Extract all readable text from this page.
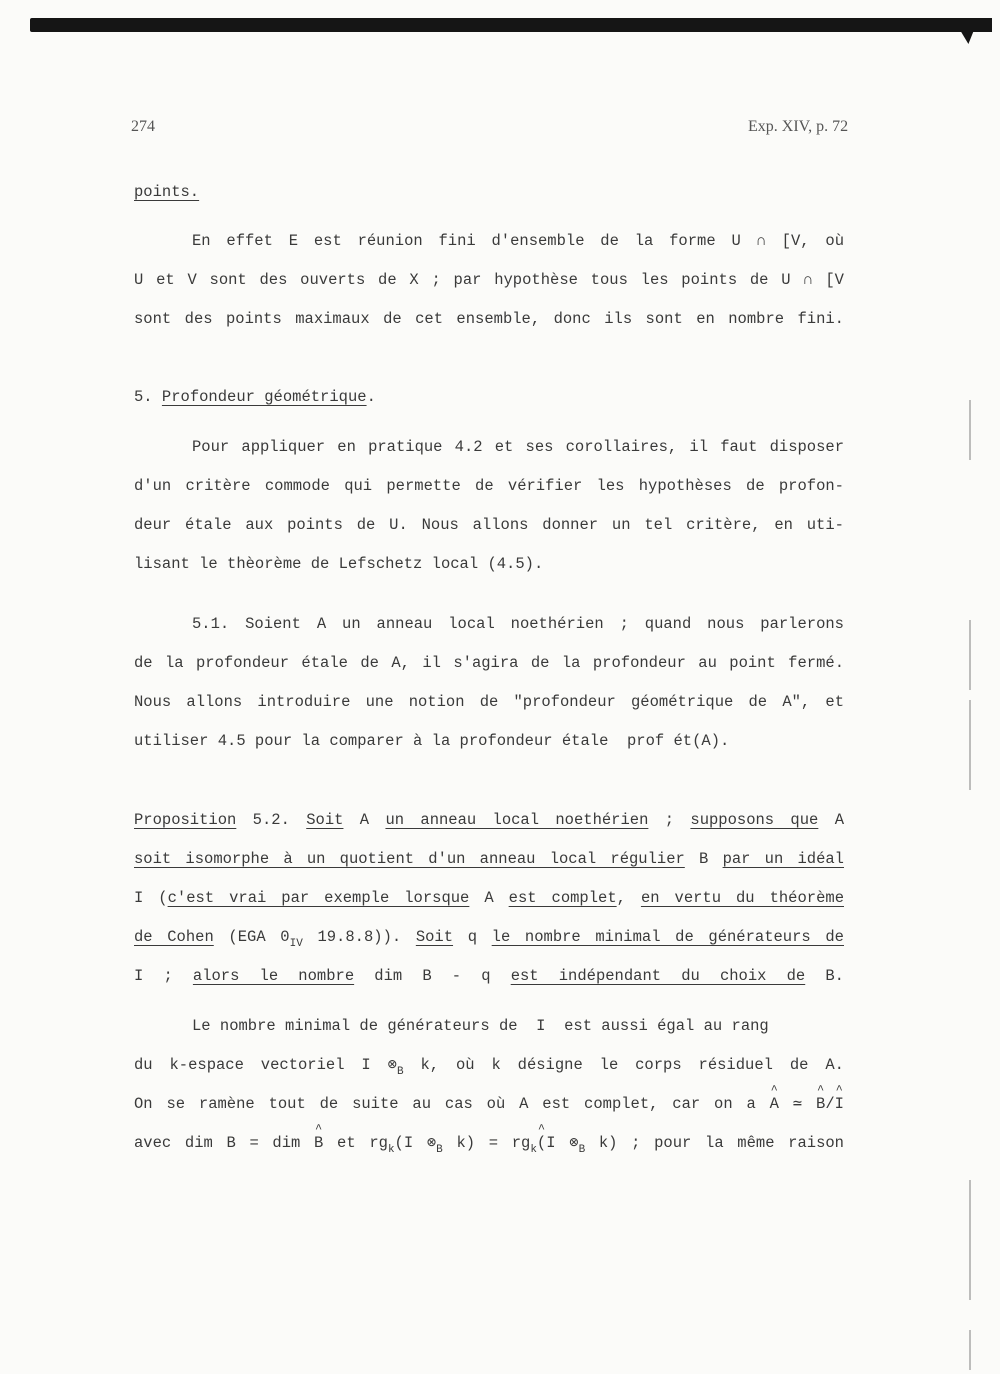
274	Exp. XIV, p. 72
points.
En effet E est réunion fini d'ensemble de la forme U ∩ [V, où
U et V sont des ouverts de X ; par hypothèse tous les points de U ∩ [V
sont des points maximaux de cet ensemble, donc ils sont en nombre fini.
5. Profondeur géométrique.
Pour appliquer en pratique 4.2 et ses corollaires, il faut disposer
d'un critère commode qui permette de vérifier les hypothèses de profon-
deur étale aux points de U. Nous allons donner un tel critère, en uti-
lisant le thèorème de Lefschetz local (4.5).
5.1. Soient A un anneau local noethérien ; quand nous parlerons
de la profondeur étale de A, il s'agira de la profondeur au point fermé.
Nous allons introduire une notion de "profondeur géométrique de A", et
utiliser 4.5 pour la comparer à la profondeur étale prof ét(A).
Proposition 5.2. Soit A un anneau local noethérien ; supposons que A
soit isomorphe à un quotient d'un anneau local régulier B par un idéal
I (c'est vrai par exemple lorsque A est complet, en vertu du théorème
de Cohen (EGA $0_{IV}$ 19.8.8)). Soit q le nombre minimal de générateurs de
I ; alors le nombre dim B - q est indépendant du choix de B.
Le nombre minimal de générateurs de I est aussi égal au rang
du k-espace vectoriel I $\otimes_B$ k, où k désigne le corps résiduel de A.
On se ramène tout de suite au cas où A est complet, car on a ^ A ≃ ^ B/^ I
avec dim B = dim ^ B et $rg_k(I$ $\otimes_B$ $k) = rg_k\^{}$ (I $\otimes_B$ k) ; pour la même raison
